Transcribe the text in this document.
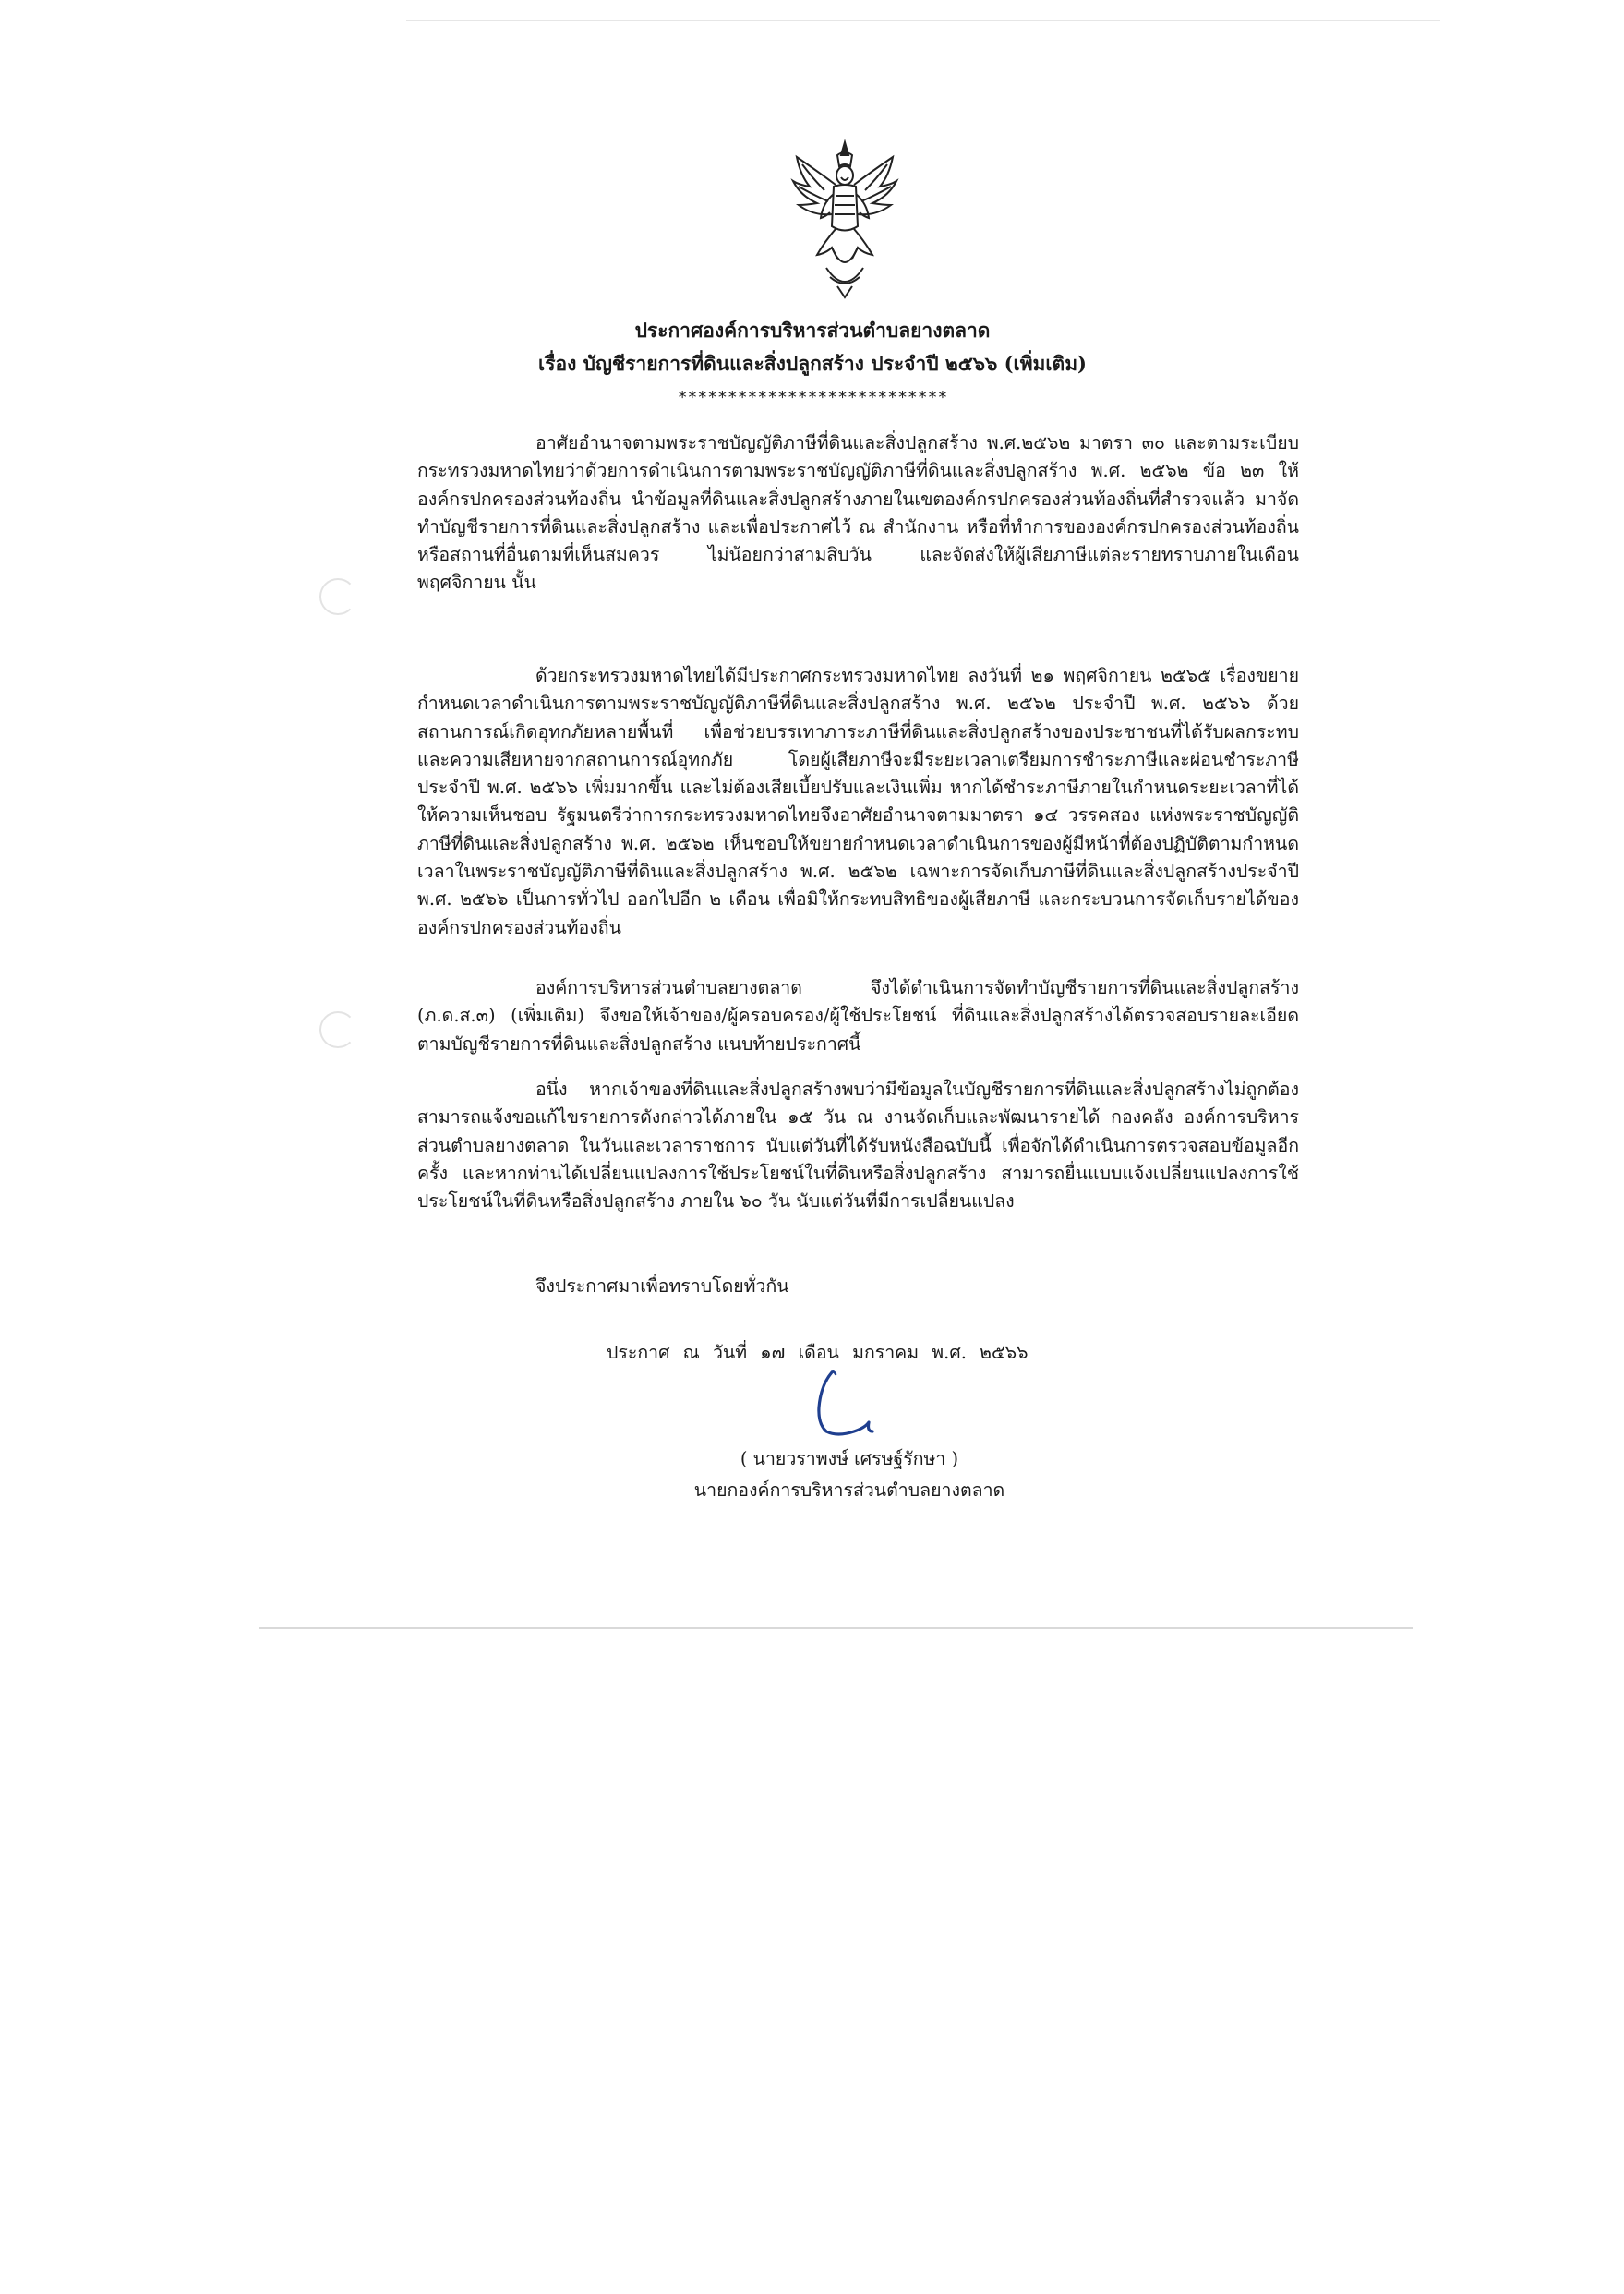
ประกาศองค์การบริหารส่วนตำบลยางตลาด
เรื่อง บัญชีรายการที่ดินและสิ่งปลูกสร้าง ประจำปี ๒๕๖๖ (เพิ่มเติม)
***************************

อาศัยอำนาจตามพระราชบัญญัติภาษีที่ดินและสิ่งปลูกสร้าง พ.ศ.๒๕๖๒ มาตรา ๓๐ และตามระเบียบกระทรวงมหาดไทยว่าด้วยการดำเนินการตามพระราชบัญญัติภาษีที่ดินและสิ่งปลูกสร้าง พ.ศ. ๒๕๖๒ ข้อ ๒๓ ให้องค์กรปกครองส่วนท้องถิ่น นำข้อมูลที่ดินและสิ่งปลูกสร้างภายในเขตองค์กรปกครองส่วนท้องถิ่นที่สำรวจแล้ว มาจัดทำบัญชีรายการที่ดินและสิ่งปลูกสร้าง และเพื่อประกาศไว้ ณ สำนักงาน หรือที่ทำการขององค์กรปกครองส่วนท้องถิ่น หรือสถานที่อื่นตามที่เห็นสมควร ไม่น้อยกว่าสามสิบวัน และจัดส่งให้ผู้เสียภาษีแต่ละรายทราบภายในเดือนพฤศจิกายน นั้น

ด้วยกระทรวงมหาดไทยได้มีประกาศกระทรวงมหาดไทย ลงวันที่ ๒๑ พฤศจิกายน ๒๕๖๕ เรื่องขยายกำหนดเวลาดำเนินการตามพระราชบัญญัติภาษีที่ดินและสิ่งปลูกสร้าง พ.ศ. ๒๕๖๒ ประจำปี พ.ศ. ๒๕๖๖ ด้วยสถานการณ์เกิดอุทกภัยหลายพื้นที่ เพื่อช่วยบรรเทาภาระภาษีที่ดินและสิ่งปลูกสร้างของประชาชนที่ได้รับผลกระทบและความเสียหายจากสถานการณ์อุทกภัย โดยผู้เสียภาษีจะมีระยะเวลาเตรียมการชำระภาษีและผ่อนชำระภาษีประจำปี พ.ศ. ๒๕๖๖ เพิ่มมากขึ้น และไม่ต้องเสียเบี้ยปรับและเงินเพิ่ม หากได้ชำระภาษีภายในกำหนดระยะเวลาที่ได้ให้ความเห็นชอบ รัฐมนตรีว่าการกระทรวงมหาดไทยจึงอาศัยอำนาจตามมาตรา ๑๔ วรรคสอง แห่งพระราชบัญญัติภาษีที่ดินและสิ่งปลูกสร้าง พ.ศ. ๒๕๖๒ เห็นชอบให้ขยายกำหนดเวลาดำเนินการของผู้มีหน้าที่ต้องปฏิบัติตามกำหนดเวลาในพระราชบัญญัติภาษีที่ดินและสิ่งปลูกสร้าง พ.ศ. ๒๕๖๒ เฉพาะการจัดเก็บภาษีที่ดินและสิ่งปลูกสร้างประจำปี พ.ศ. ๒๕๖๖ เป็นการทั่วไป ออกไปอีก ๒ เดือน เพื่อมิให้กระทบสิทธิของผู้เสียภาษี และกระบวนการจัดเก็บรายได้ขององค์กรปกครองส่วนท้องถิ่น

องค์การบริหารส่วนตำบลยางตลาด จึงได้ดำเนินการจัดทำบัญชีรายการที่ดินและสิ่งปลูกสร้าง (ภ.ด.ส.๓) (เพิ่มเติม) จึงขอให้เจ้าของ/ผู้ครอบครอง/ผู้ใช้ประโยชน์ ที่ดินและสิ่งปลูกสร้างได้ตรวจสอบรายละเอียดตามบัญชีรายการที่ดินและสิ่งปลูกสร้าง แนบท้ายประกาศนี้

อนึ่ง หากเจ้าของที่ดินและสิ่งปลูกสร้างพบว่ามีข้อมูลในบัญชีรายการที่ดินและสิ่งปลูกสร้างไม่ถูกต้อง สามารถแจ้งขอแก้ไขรายการดังกล่าวได้ภายใน ๑๕ วัน ณ งานจัดเก็บและพัฒนารายได้ กองคลัง องค์การบริหารส่วนตำบลยางตลาด ในวันและเวลาราชการ นับแต่วันที่ได้รับหนังสือฉบับนี้ เพื่อจักได้ดำเนินการตรวจสอบข้อมูลอีกครั้ง และหากท่านได้เปลี่ยนแปลงการใช้ประโยชน์ในที่ดินหรือสิ่งปลูกสร้าง สามารถยื่นแบบแจ้งเปลี่ยนแปลงการใช้ประโยชน์ในที่ดินหรือสิ่งปลูกสร้าง ภายใน ๖๐ วัน นับแต่วันที่มีการเปลี่ยนแปลง

จึงประกาศมาเพื่อทราบโดยทั่วกัน
ประกาศ ณ วันที่ ๑๗ เดือน มกราคม พ.ศ. ๒๕๖๖
( นายวราพงษ์ เศรษฐ์รักษา )
นายกองค์การบริหารส่วนตำบลยางตลาด
